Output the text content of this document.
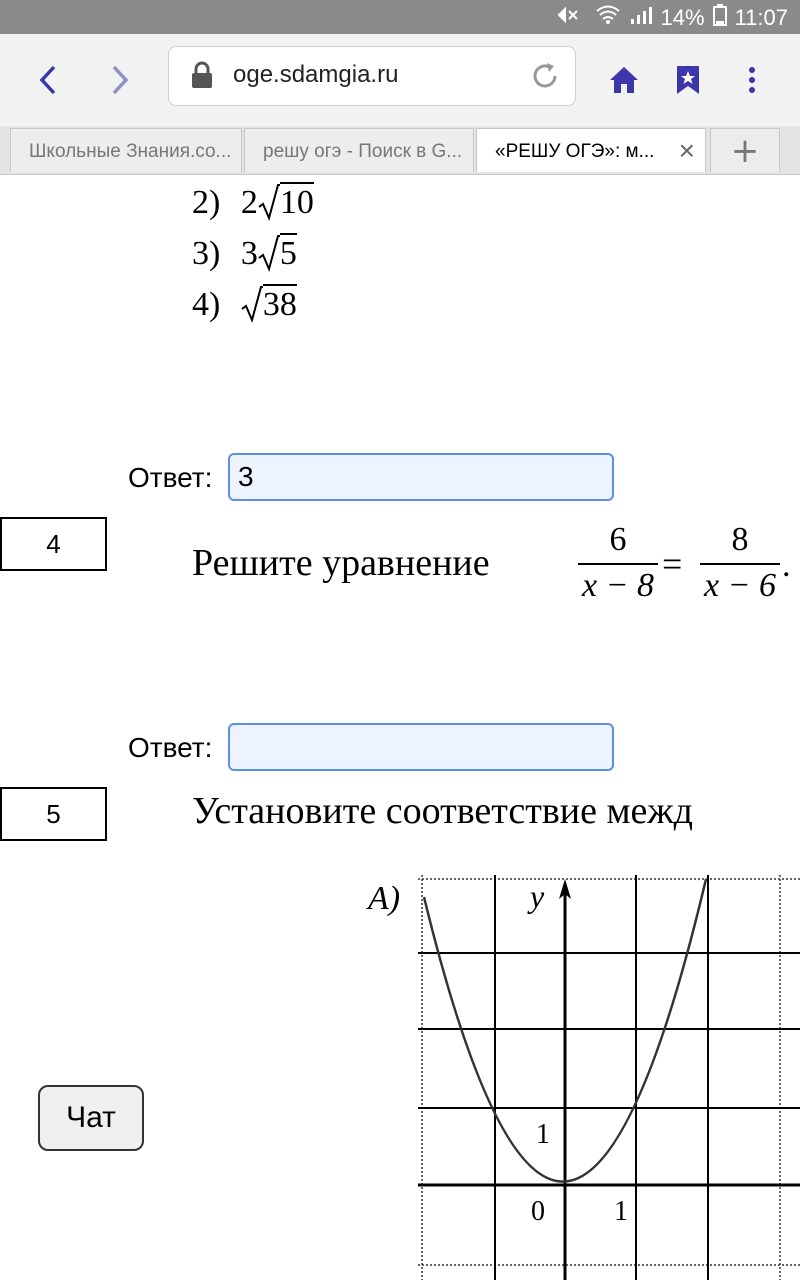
14% 11:07
oge.sdamgia.ru
Школьные Знания.со...	решу огэ - Поиск в G...	«РЕШУ ОГЭ»: м... ×	+
2) 2 10
3) 3 5
4) 38
Ответ: 3
4	Решите уравнение	$\frac{6}{x - 8} = \frac{8}{x - 6}$ .
Ответ:
5	Установите соответствие межд
A)	y
1
0 1
Чат
